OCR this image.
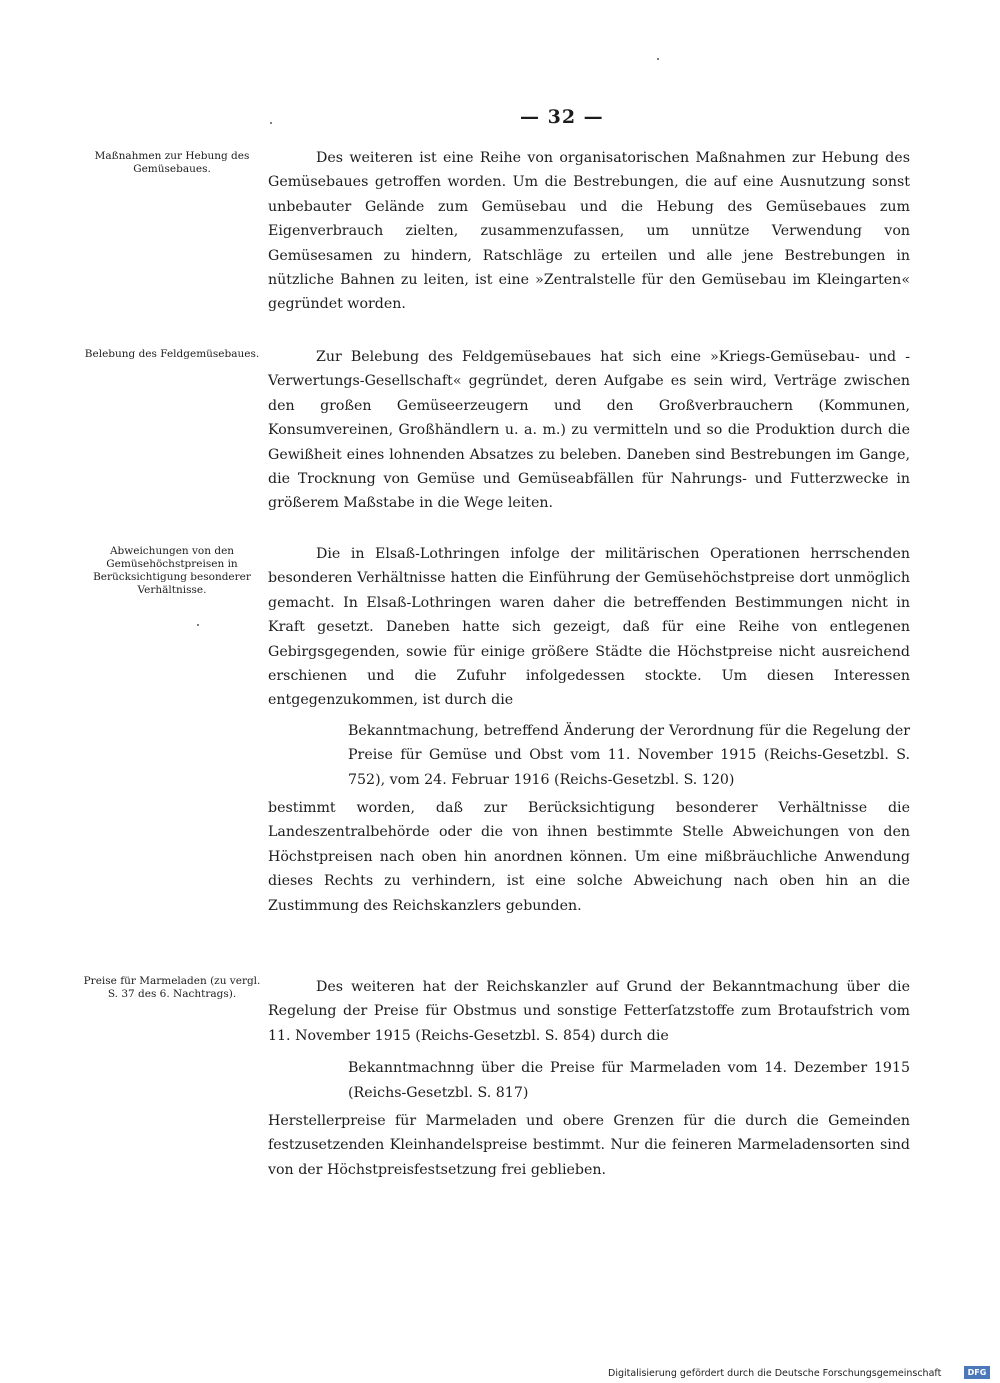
— 32 —
Maßnahmen zur Hebung des Gemüsebaues.

Des weiteren ist eine Reihe von organisatorischen Maßnahmen zur Hebung des Gemüsebaues getroffen worden. Um die Bestrebungen, die auf eine Ausnutzung sonst unbebauter Gelände zum Gemüsebau und die Hebung des Gemüsebaues zum Eigenverbrauch zielten, zusammenzufassen, um unnütze Verwendung von Gemüsesamen zu hindern, Ratschläge zu erteilen und alle jene Bestrebungen in nützliche Bahnen zu leiten, ist eine »Zentralstelle für den Gemüsebau im Kleingarten« gegründet worden.

Belebung des Feldgemüsebaues.	Zur Belebung des Feldgemüsebaues hat sich eine »Kriegs-Gemüsebau- und -Verwertungs-Gesellschaft« gegründet, deren Aufgabe es sein wird, Verträge zwischen den großen Gemüseerzeugern und den Großverbrauchern (Kommunen, Konsumvereinen, Großhändlern u. a. m.) zu vermitteln und so die Produktion durch die Gewißheit eines lohnenden Absatzes zu beleben. Daneben sind Bestrebungen im Gange, die Trocknung von Gemüse und Gemüseabfällen für Nahrungs- und Futterzwecke in größerem Maßstabe in die Wege leiten.

Abweichungen von den Gemüsehöchstpreisen in Berücksichtigung besonderer Verhältnisse.

Die in Elsaß-Lothringen infolge der militärischen Operationen herrschenden besonderen Verhältnisse hatten die Einführung der Gemüsehöchstpreise dort unmöglich gemacht. In Elsaß-Lothringen waren daher die betreffenden Bestimmungen nicht in Kraft gesetzt. Daneben hatte sich gezeigt, daß für eine Reihe von entlegenen Gebirgsgegenden, sowie für einige größere Städte die Höchstpreise nicht ausreichend erschienen und die Zufuhr infolgedessen stockte. Um diesen Interessen entgegenzukommen, ist durch die

Bekanntmachung, betreffend Änderung der Verordnung für die Regelung der Preise für Gemüse und Obst vom 11. November 1915 (Reichs-Gesetzbl. S. 752), vom 24. Februar 1916 (Reichs-Gesetzbl. S. 120)

bestimmt worden, daß zur Berücksichtigung besonderer Verhältnisse die Landeszentralbehörde oder die von ihnen bestimmte Stelle Abweichungen von den Höchstpreisen nach oben hin anordnen können. Um eine mißbräuchliche Anwendung dieses Rechts zu verhindern, ist eine solche Abweichung nach oben hin an die Zustimmung des Reichskanzlers gebunden.

Preise für Marmeladen (zu vergl. S. 37 des 6. Nachtrags).	Des weiteren hat der Reichskanzler auf Grund der Bekanntmachung über die Regelung der Preise für Obstmus und sonstige Fetterſatzstoffe zum Brotaufstrich vom 11. November 1915 (Reichs-Gesetzbl. S. 854) durch die

Bekanntmachnng über die Preise für Marmeladen vom 14. Dezember 1915 (Reichs-Gesetzbl. S. 817)

Herstellerpreise für Marmeladen und obere Grenzen für die durch die Gemeinden festzusetzenden Kleinhandelspreise bestimmt. Nur die feineren Marmeladensorten sind von der Höchstpreisfestsetzung frei geblieben.

Digitalisierung gefördert durch die Deutsche Forschungsgemeinschaft	DFG
